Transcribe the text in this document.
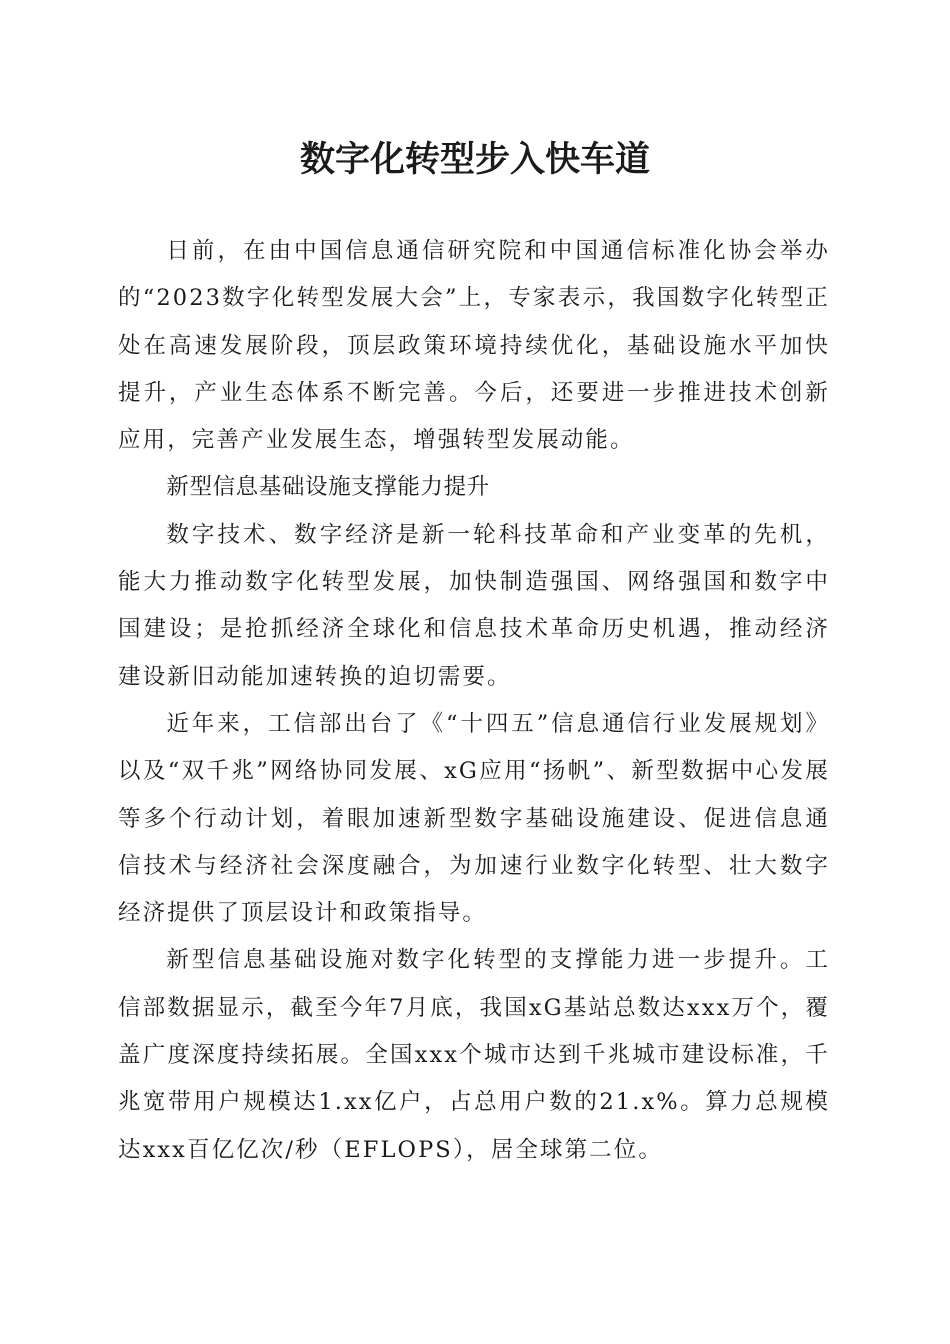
数字化转型步入快车道

日前，在由中国信息通信研究院和中国通信标准化协会举办的“2023数字化转型发展大会”上，专家表示，我国数字化转型正处在高速发展阶段，顶层政策环境持续优化，基础设施水平加快提升，产业生态体系不断完善。今后，还要进一步推进技术创新应用，完善产业发展生态，增强转型发展动能。

新型信息基础设施支撑能力提升

数字技术、数字经济是新一轮科技革命和产业变革的先机，能大力推动数字化转型发展，加快制造强国、网络强国和数字中国建设；是抢抓经济全球化和信息技术革命历史机遇，推动经济建设新旧动能加速转换的迫切需要。

近年来，工信部出台了《“十四五”信息通信行业发展规划》以及“双千兆”网络协同发展、xG应用“扬帆”、新型数据中心发展等多个行动计划，着眼加速新型数字基础设施建设、促进信息通信技术与经济社会深度融合，为加速行业数字化转型、壮大数字经济提供了顶层设计和政策指导。

新型信息基础设施对数字化转型的支撑能力进一步提升。工信部数据显示，截至今年7月底，我国xG基站总数达xxx万个，覆盖广度深度持续拓展。全国xxx个城市达到千兆城市建设标准，千兆宽带用户规模达1.xx亿户，占总用户数的21.x%。算力总规模达xxx百亿亿次/秒（EFLOPS），居全球第二位。
